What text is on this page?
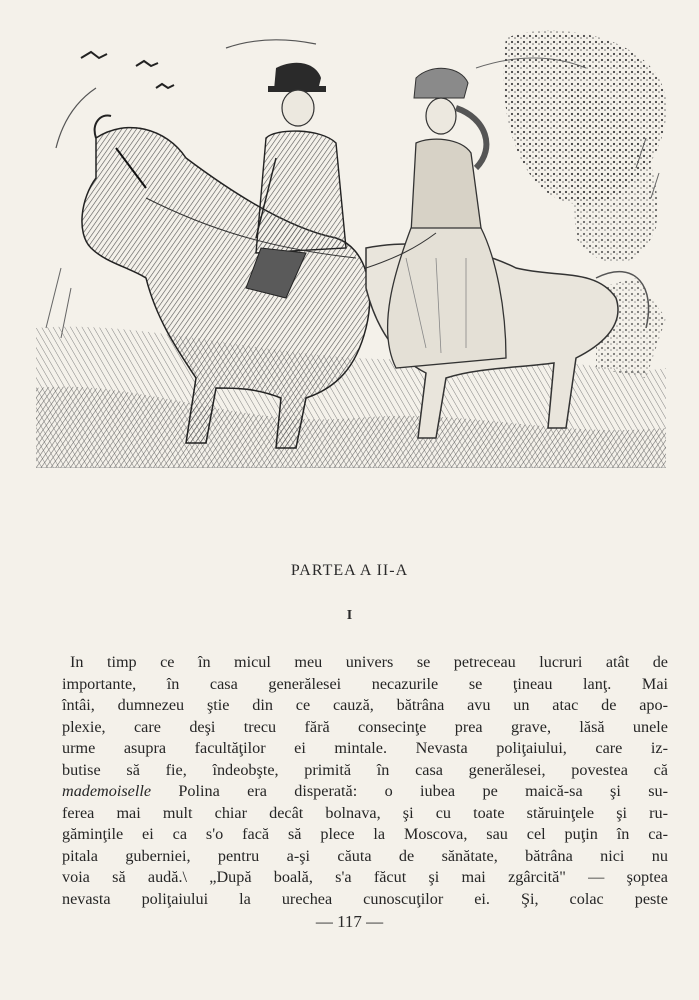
PARTEA A II-A
I
In timp ce în micul meu univers se petreceau lucruri atât de
importante, în casa generălesei necazurile se ţineau lanţ. Mai
întâi, dumnezeu ştie din ce cauză, bătrâna avu un atac de apo-
plexie, care deşi trecu fără consecinţe prea grave, lăsă unele
urme asupra facultăţilor ei mintale. Nevasta poliţaiului, care iz-
butise să fie, îndeobşte, primită în casa generălesei, povestea că
mademoiselle Polina era disperată: o iubea pe maică-sa şi su-
ferea mai mult chiar decât bolnava, şi cu toate stăruinţele şi ru-
găminţile ei ca s'o facă să plece la Moscova, sau cel puţin în ca-
pitala guberniei, pentru a-şi căuta de sănătate, bătrâna nici nu
voia să audă.\ „După boală, s'a făcut şi mai zgârcită" — şoptea
nevasta poliţaiului la urechea cunoscuţilor ei. Şi, colac peste
— 117 —
